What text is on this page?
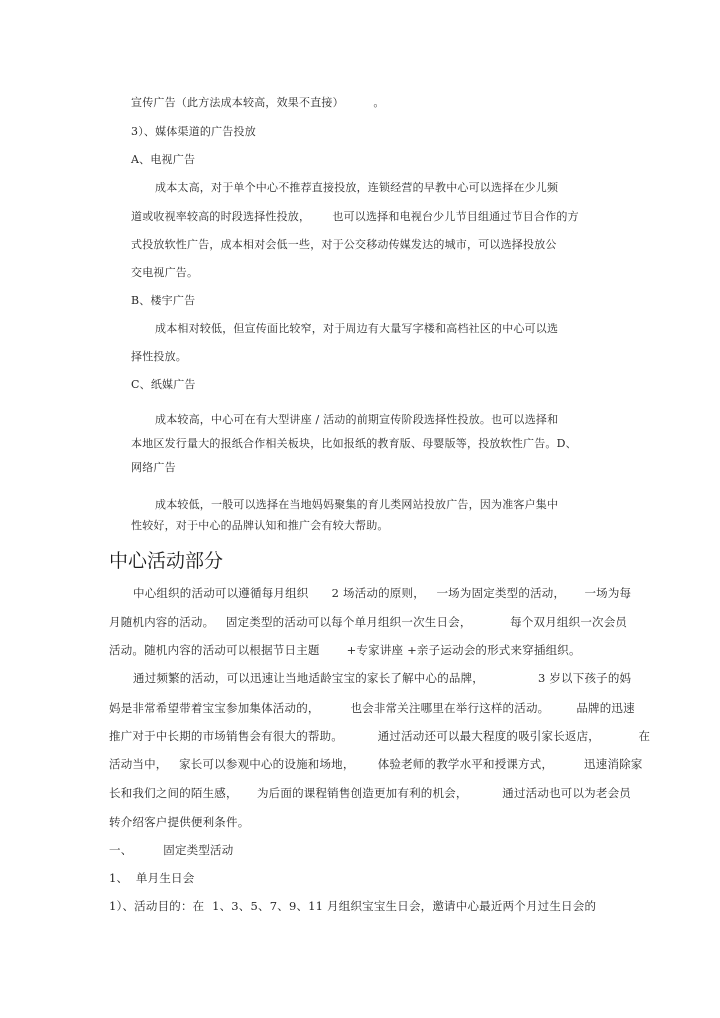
宣传广告（此方法成本较高，效果不直接）        。
3）、媒体渠道的广告投放
A、电视广告
成本太高，对于单个中心不推荐直接投放，连锁经营的早教中心可以选择在少儿频
道或收视率较高的时段选择性投放，      也可以选择和电视台少儿节目组通过节目合作的方
式投放软性广告，成本相对会低一些，对于公交移动传媒发达的城市，可以选择投放公
交电视广告。
B、楼宇广告
成本相对较低，但宣传面比较窄，对于周边有大量写字楼和高档社区的中心可以选
择性投放。
C、纸媒广告
成本较高，中心可在有大型讲座 / 活动的前期宣传阶段选择性投放。也可以选择和
本地区发行量大的报纸合作相关板块，比如报纸的教育版、母婴版等，投放软性广告。D、
网络广告
成本较低，一般可以选择在当地妈妈聚集的育儿类网站投放广告，因为准客户集中
性较好，对于中心的品牌认知和推广会有较大帮助。
中心活动部分
中心组织的活动可以遵循每月组织      2 场活动的原则，   一场为固定类型的活动，     一场为每
月随机内容的活动。   固定类型的活动可以每个单月组织一次生日会，          每个双月组织一次会员
活动。随机内容的活动可以根据节日主题       +专家讲座 +亲子运动会的形式来穿插组织。
通过频繁的活动，可以迅速让当地适龄宝宝的家长了解中心的品牌，              3 岁以下孩子的妈
妈是非常希望带着宝宝参加集体活动的，        也会非常关注哪里在举行这样的活动。       品牌的迅速
推广对于中长期的市场销售会有很大的帮助。         通过活动还可以最大程度的吸引家长返店，          在
活动当中，   家长可以参观中心的设施和场地，      体验老师的教学水平和授课方式，        迅速消除家
长和我们之间的陌生感，     为后面的课程销售创造更加有利的机会，         通过活动也可以为老会员
转介绍客户提供便利条件。
一、        固定类型活动
1、  单月生日会
1）、活动目的：在  1、3、5、7、9、11 月组织宝宝生日会，邀请中心最近两个月过生日会的
